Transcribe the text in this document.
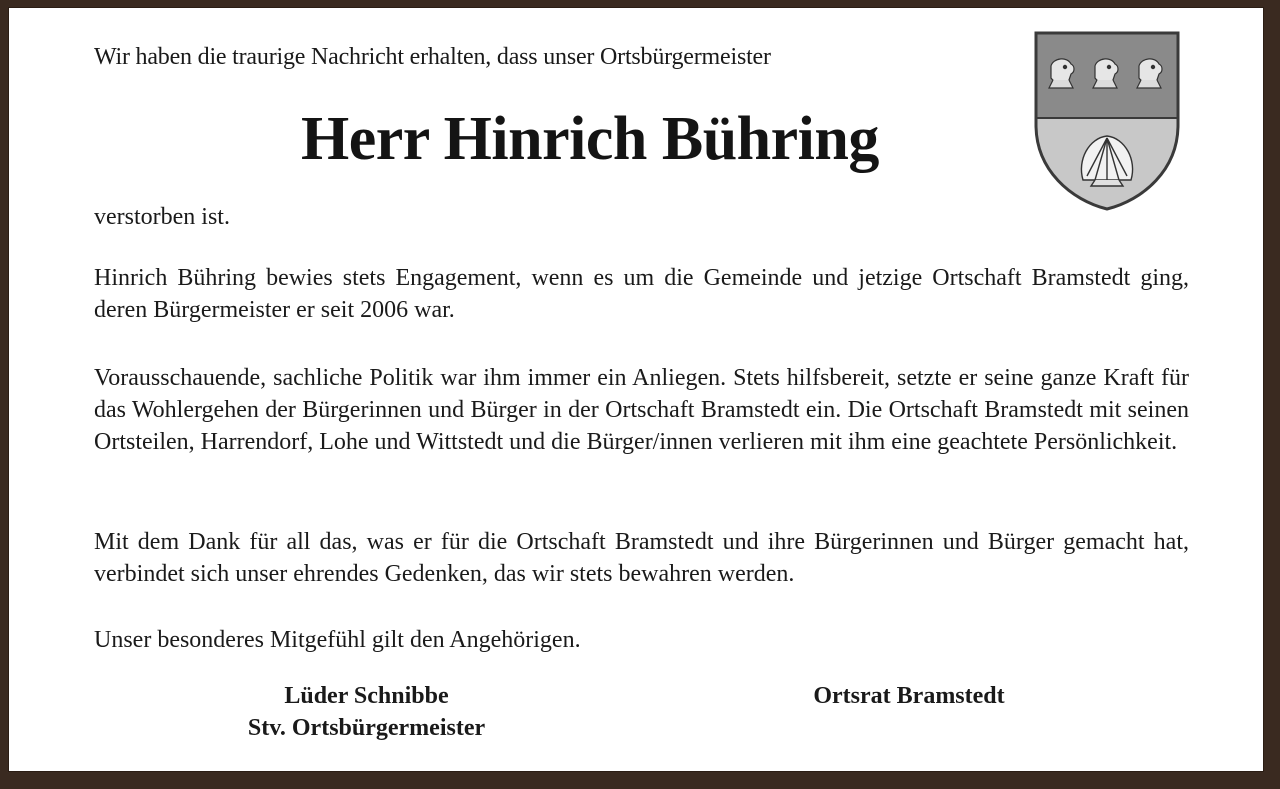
Wir haben die traurige Nachricht erhalten, dass unser Ortsbürgermeister
Herr Hinrich Bühring
verstorben ist.
Hinrich Bühring bewies stets Engagement, wenn es um die Gemeinde und jetzige Ortschaft Bramstedt ging, deren Bürgermeister er seit 2006 war.
Vorausschauende, sachliche Politik war ihm immer ein Anliegen. Stets hilfsbereit, setzte er seine ganze Kraft für das Wohlergehen der Bürgerinnen und Bürger in der Ortschaft Bramstedt ein. Die Ortschaft Bramstedt mit seinen Ortsteilen, Harrendorf, Lohe und Wittstedt und die Bürger/innen verlieren mit ihm eine geachtete Persönlichkeit.
Mit dem Dank für all das, was er für die Ortschaft Bramstedt und ihre Bürgerinnen und Bürger gemacht hat, verbindet sich unser ehrendes Gedenken, das wir stets bewahren werden.
Unser besonderes Mitgefühl gilt den Angehörigen.
Lüder Schnibbe
Stv. Ortsbürgermeister
Ortsrat Bramstedt
